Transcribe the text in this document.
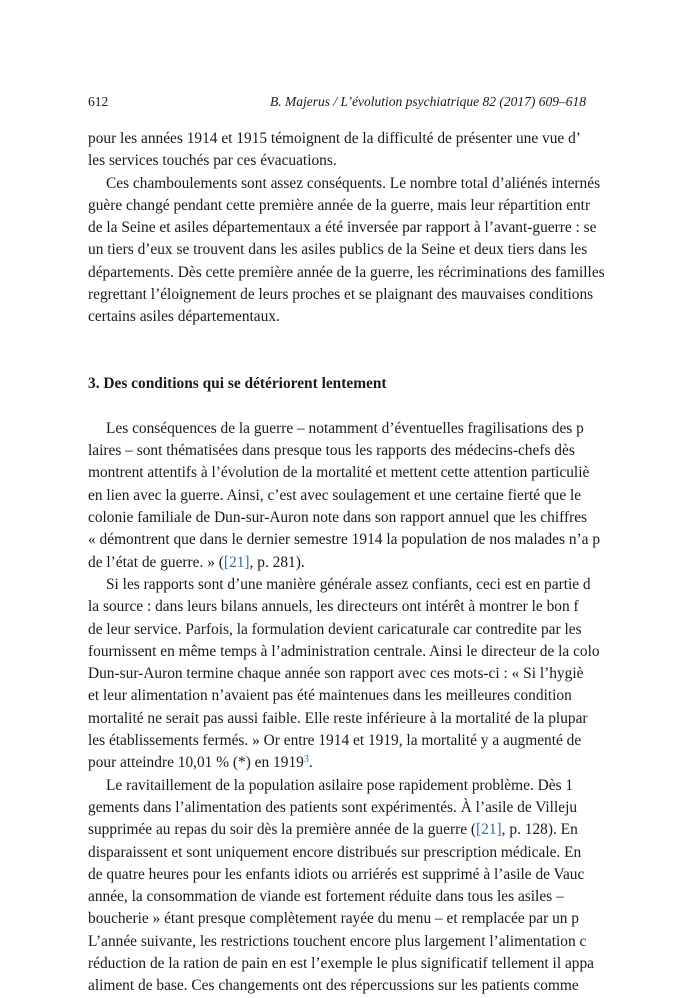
612	B. Majerus / L’évolution psychiatrique 82 (2017) 609–618
pour les années 1914 et 1915 témoignent de la difficulté de présenter une vue d’
les services touchés par ces évacuations.
Ces chamboulements sont assez conséquents. Le nombre total d’aliénés internés
guère changé pendant cette première année de la guerre, mais leur répartition entr
de la Seine et asiles départementaux a été inversée par rapport à l’avant-guerre : se
un tiers d’eux se trouvent dans les asiles publics de la Seine et deux tiers dans les
départements. Dès cette première année de la guerre, les récriminations des familles
regrettant l’éloignement de leurs proches et se plaignant des mauvaises conditions
certains asiles départementaux.
3. Des conditions qui se détériorent lentement
Les conséquences de la guerre – notamment d’éventuelles fragilisations des p
laires – sont thématisées dans presque tous les rapports des médecins-chefs dès
montrent attentifs à l’évolution de la mortalité et mettent cette attention particuliè
en lien avec la guerre. Ainsi, c’est avec soulagement et une certaine fierté que le
colonie familiale de Dun-sur-Auron note dans son rapport annuel que les chiffres
« démontrent que dans le dernier semestre 1914 la population de nos malades n’a p
de l’état de guerre. » ([21], p. 281).
Si les rapports sont d’une manière générale assez confiants, ceci est en partie d
la source : dans leurs bilans annuels, les directeurs ont intérêt à montrer le bon f
de leur service. Parfois, la formulation devient caricaturale car contredite par les
fournissent en même temps à l’administration centrale. Ainsi le directeur de la colo
Dun-sur-Auron termine chaque année son rapport avec ces mots-ci : « Si l’hygiè
et leur alimentation n’avaient pas été maintenues dans les meilleures condition
mortalité ne serait pas aussi faible. Elle reste inférieure à la mortalité de la plupar
les établissements fermés. » Or entre 1914 et 1919, la mortalité y a augmenté de
pour atteindre 10,01 % (*) en 1919$^3$.
Le ravitaillement de la population asilaire pose rapidement problème. Dès 1
gements dans l’alimentation des patients sont expérimentés. À l’asile de Villeju
supprimée au repas du soir dès la première année de la guerre ([21], p. 128). En
disparaissent et sont uniquement encore distribués sur prescription médicale. En
de quatre heures pour les enfants idiots ou arriérés est supprimé à l’asile de Vauc
année, la consommation de viande est fortement réduite dans tous les asiles –
boucherie » étant presque complètement rayée du menu – et remplacée par un p
L’année suivante, les restrictions touchent encore plus largement l’alimentation c
réduction de la ration de pain en est l’exemple le plus significatif tellement il appa
aliment de base. Ces changements ont des répercussions sur les patients comme
